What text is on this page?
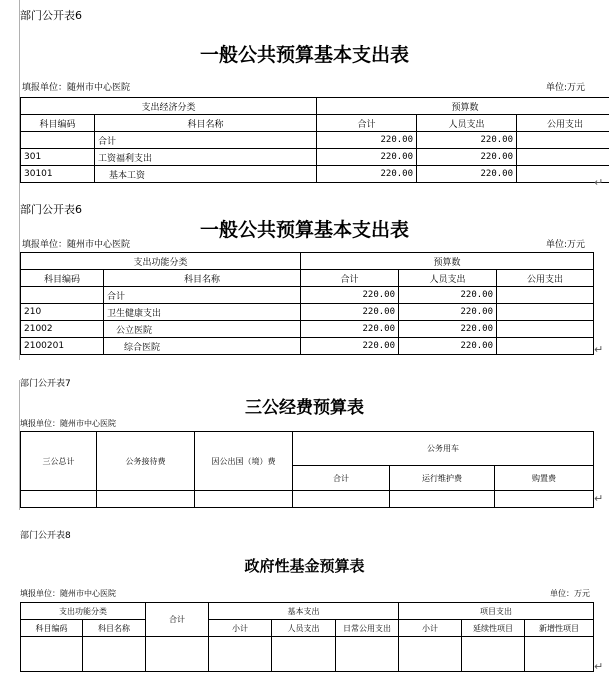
部门公开表6
一般公共预算基本支出表
填报单位：随州市中心医院	单位:万元
支出经济分类		预算数		
科目编码	科目名称	合计	人员支出	公用支出
	合计	220.00	220.00	
301	工资福利支出	220.00	220.00	
30101	基本工资	220.00	220.00	
↵
部门公开表6
一般公共预算基本支出表
填报单位：随州市中心医院	单位:万元
支出功能分类		预算数		
科目编码	科目名称	合计	人员支出	公用支出
	合计	220.00	220.00	
210	卫生健康支出	220.00	220.00	
21002	公立医院	220.00	220.00	
2100201	综合医院	220.00	220.00		↵
部门公开表7
三公经费预算表
填报单位：随州市中心医院
三公总计	公务接待费	因公出国（境）费	公务用车		
			合计	运行维护费	购置费

↵
部门公开表8
政府性基金预算表
填报单位：随州市中心医院	单位：万元
支出功能分类		合计	基本支出			项目支出		
科目编码	科目名称		小计	人员支出	日常公用支出	小计	延续性项目	新增性项目

↵
